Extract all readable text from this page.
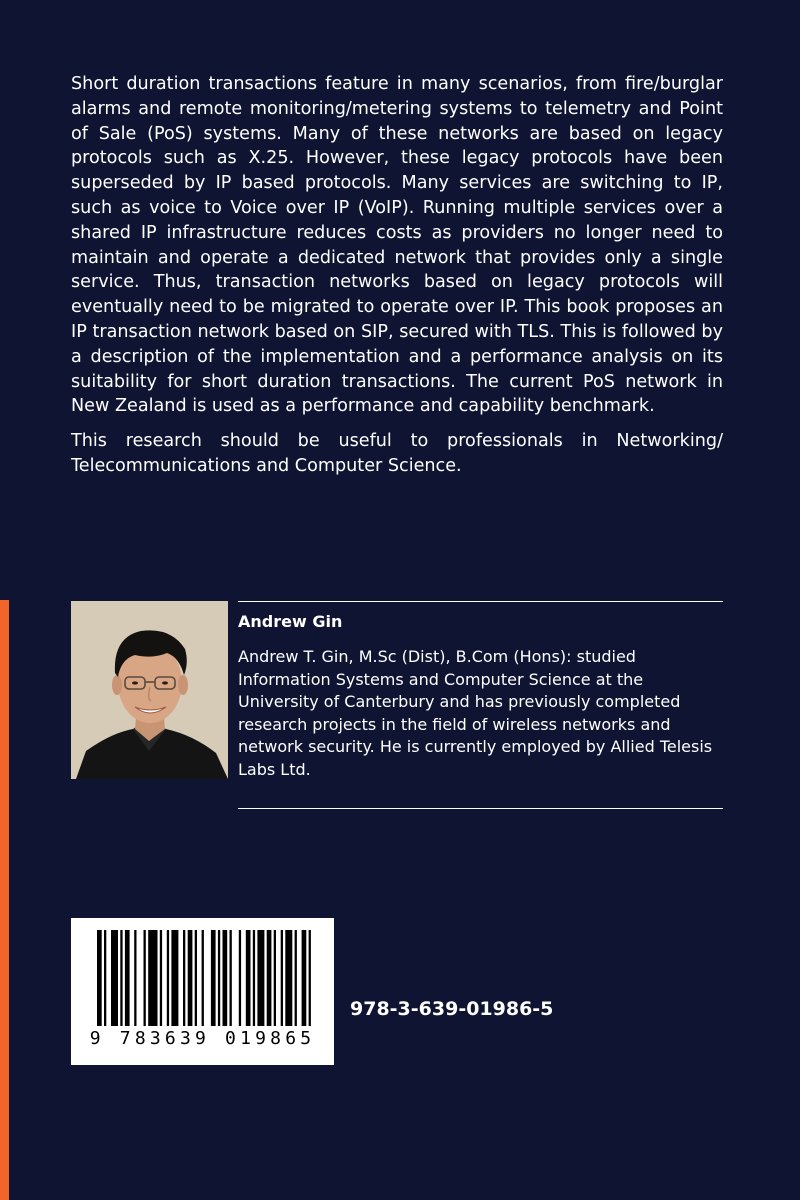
Short duration transactions feature in many scenarios, from fire/burglar alarms and remote monitoring/metering systems to telemetry and Point of Sale (PoS) systems. Many of these networks are based on legacy protocols such as X.25. However, these legacy protocols have been superseded by IP based protocols. Many services are switching to IP, such as voice to Voice over IP (VoIP). Running multiple services over a shared IP infrastructure reduces costs as providers no longer need to maintain and operate a dedicated network that provides only a single service. Thus, transaction networks based on legacy protocols will eventually need to be migrated to operate over IP. This book proposes an IP transaction network based on SIP, secured with TLS. This is followed by a description of the implementation and a performance analysis on its suitability for short duration transactions. The current PoS network in New Zealand is used as a performance and capability benchmark.

This research should be useful to professionals in Networking/ Telecommunications and Computer Science.

Andrew Gin

Andrew T. Gin, M.Sc (Dist), B.Com (Hons): studied Information Systems and Computer Science at the University of Canterbury and has previously completed research projects in the field of wireless networks and network security. He is currently employed by Allied Telesis Labs Ltd.

9 783639 019865

978-3-639-01986-5
